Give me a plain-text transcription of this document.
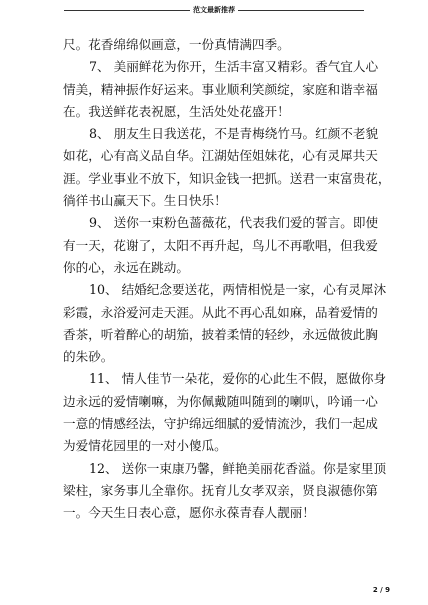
范文最新推荐

尺。花香绵绵似画意，一份真情满四季。

7、 美丽鲜花为你开，生活丰富又精彩。香气宜人心
情美，精神振作好运来。事业顺利笑颜绽，家庭和谐幸福
在。我送鲜花表祝愿，生活处处花盛开！

8、 朋友生日我送花，不是青梅绕竹马。红颜不老貌
如花，心有高义品自华。江湖姑侄姐妹花，心有灵犀共天
涯。学业事业不放下，知识金钱一把抓。送君一束富贵花，
徜徉书山赢天下。生日快乐！

9、 送你一束粉色蔷薇花，代表我们爱的誓言。即使
有一天，花谢了，太阳不再升起，鸟儿不再歌唱，但我爱
你的心，永远在跳动。

10、 结婚纪念要送花，两情相悦是一家，心有灵犀沐
彩霞，永浴爱河走天涯。从此不再心乱如麻，品着爱情的
香茶，听着醉心的胡笳，披着柔情的轻纱，永远做彼此胸
的朱砂。

11、 情人佳节一朵花，爱你的心此生不假，愿做你身
边永远的爱情喇嘛，为你佩戴随叫随到的喇叭，吟诵一心
一意的情感经法，守护绵远细腻的爱情流沙，我们一起成
为爱情花园里的一对小傻瓜。

12、 送你一束康乃馨，鲜艳美丽花香溢。你是家里顶
梁柱，家务事儿全靠你。抚育儿女孝双亲，贤良淑德你第
一。今天生日表心意，愿你永葆青春人靓丽！

2 / 9
